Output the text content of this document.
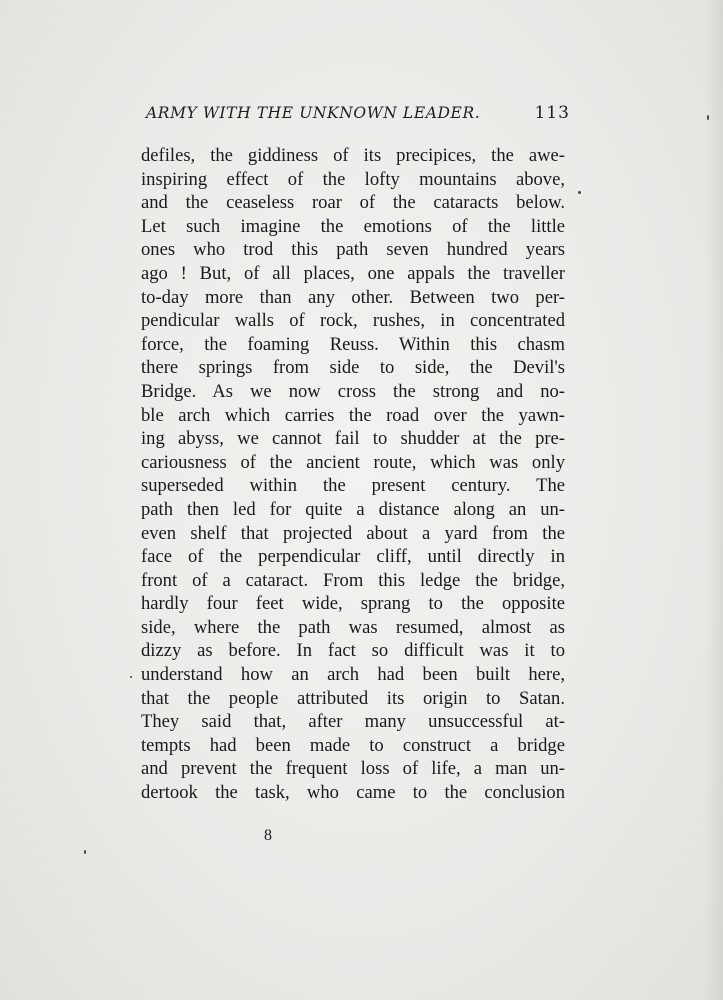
ARMY WITH THE UNKNOWN LEADER.	113
defiles, the giddiness of its precipices, the awe-
inspiring effect of the lofty mountains above,
and the ceaseless roar of the cataracts below.
Let such imagine the emotions of the little
ones who trod this path seven hundred years
ago ! But, of all places, one appals the traveller
to-day more than any other. Between two per-
pendicular walls of rock, rushes, in concentrated
force, the foaming Reuss. Within this chasm
there springs from side to side, the Devil's
Bridge. As we now cross the strong and no-
ble arch which carries the road over the yawn-
ing abyss, we cannot fail to shudder at the pre-
cariousness of the ancient route, which was only
superseded within the present century. The
path then led for quite a distance along an un-
even shelf that projected about a yard from the
face of the perpendicular cliff, until directly in
front of a cataract. From this ledge the bridge,
hardly four feet wide, sprang to the opposite
side, where the path was resumed, almost as
dizzy as before. In fact so difficult was it to
understand how an arch had been built here,
that the people attributed its origin to Satan.
They said that, after many unsuccessful at-
tempts had been made to construct a bridge
and prevent the frequent loss of life, a man un-
dertook the task, who came to the conclusion
8
